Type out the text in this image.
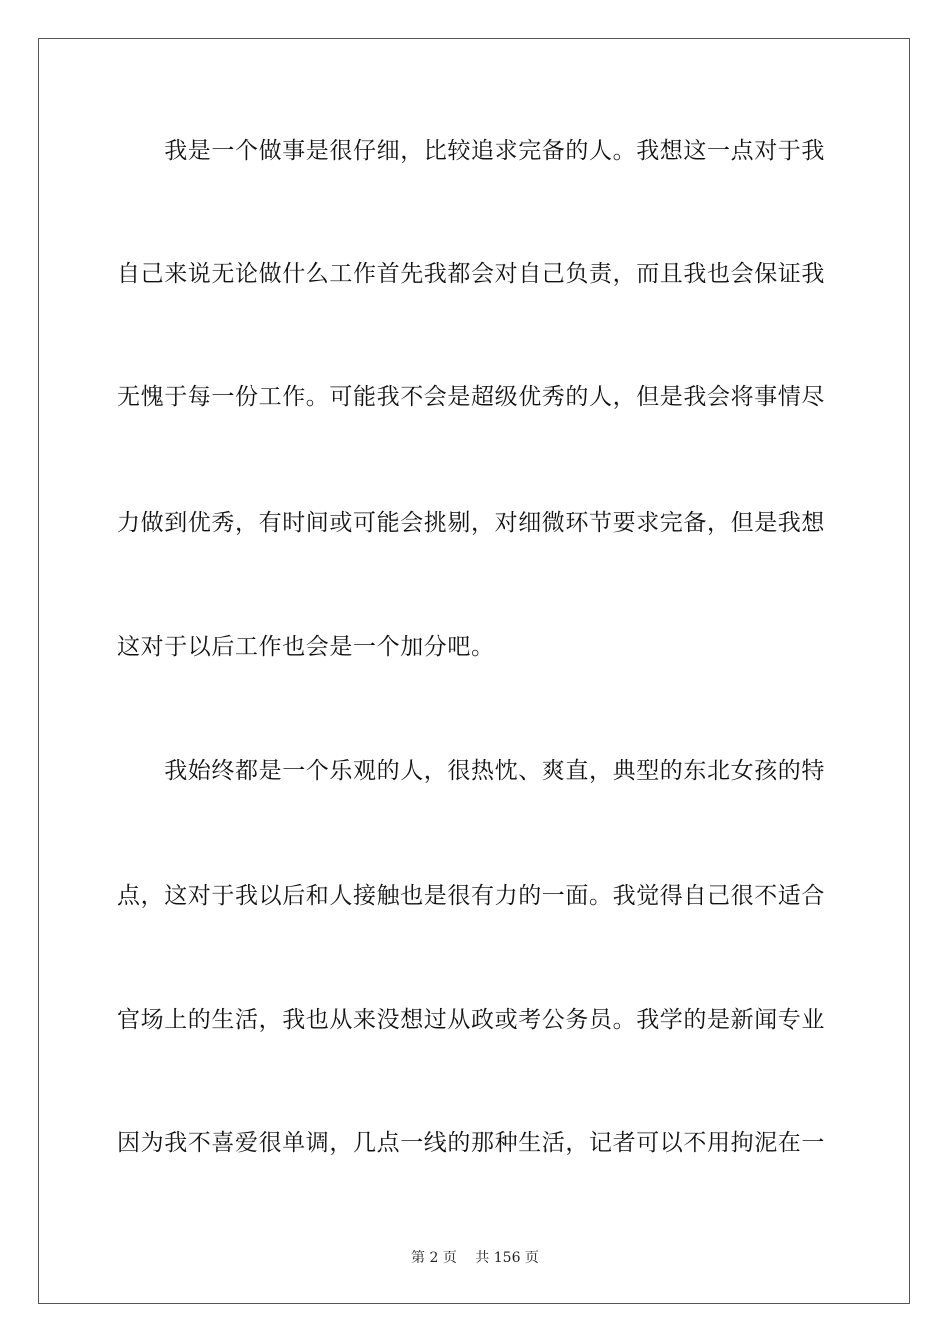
　　我是一个做事是很仔细，比较追求完备的人。我想这一点对于我
自己来说无论做什么工作首先我都会对自己负责，而且我也会保证我
无愧于每一份工作。可能我不会是超级优秀的人，但是我会将事情尽
力做到优秀，有时间或可能会挑剔，对细微环节要求完备，但是我想
这对于以后工作也会是一个加分吧。
　　我始终都是一个乐观的人，很热忱、爽直，典型的东北女孩的特
点，这对于我以后和人接触也是很有力的一面。我觉得自己很不适合
官场上的生活，我也从来没想过从政或考公务员。我学的是新闻专业
因为我不喜爱很单调，几点一线的那种生活，记者可以不用拘泥在一
第 2 页　 共 156 页
